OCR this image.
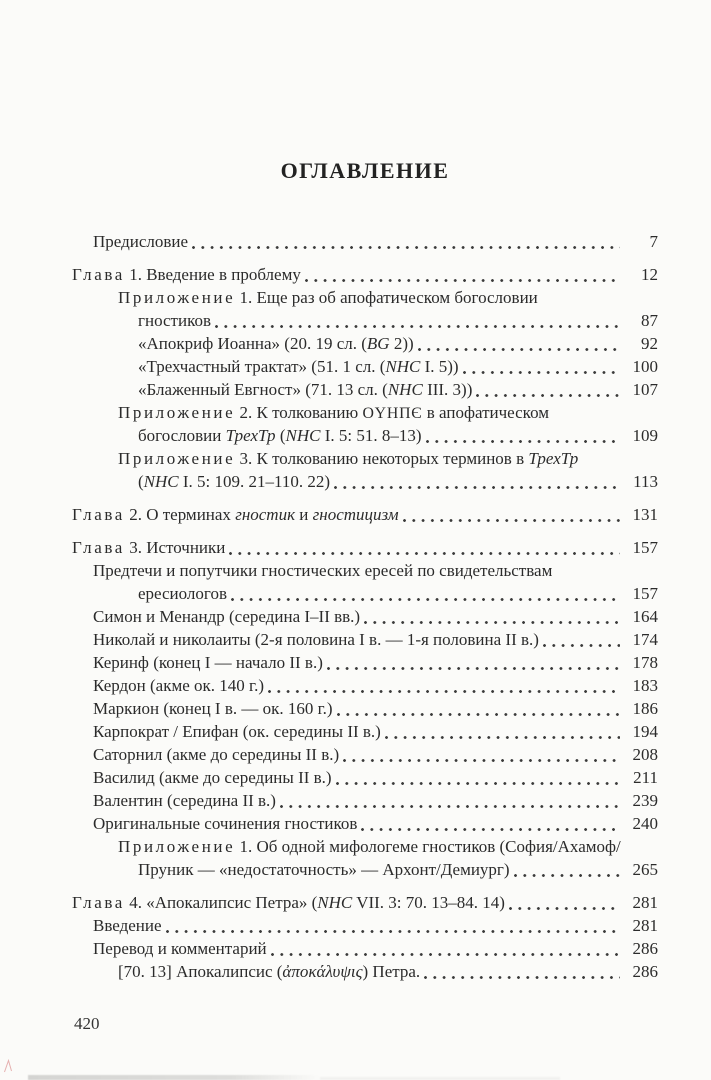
ОГЛАВЛЕНИЕ
Предисловие	7
Глава 1. Введение в проблему	12
Приложение 1. Еще раз об апофатическом богословии
гностиков	87
«Апокриф Иоанна» (20. 19 сл. (BG 2))	92
«Трехчастный трактат» (51. 1 сл. (NHC I. 5))	100
«Блаженный Евгност» (71. 13 сл. (NHC III. 3))	107
Приложение 2. К толкованию ОҮНПЄ в апофатическом
богословии ТрехТр (NHC I. 5: 51. 8–13)	109
Приложение 3. К толкованию некоторых терминов в ТрехТр
(NHC I. 5: 109. 21–110. 22)	113
Глава 2. О терминах гностик и гностицизм	131
Глава 3. Источники	157
Предтечи и попутчики гностических ересей по свидетельствам
ересиологов	157
Симон и Менандр (середина I–II вв.)	164
Николай и николаиты (2-я половина I в. — 1-я половина II в.)	174
Керинф (конец I — начало II в.)	178
Кердон (акме ок. 140 г.)	183
Маркион (конец I в. — ок. 160 г.)	186
Карпократ / Епифан (ок. середины II в.)	194
Саторнил (акме до середины II в.)	208
Василид (акме до середины II в.)	211
Валентин (середина II в.)	239
Оригинальные сочинения гностиков	240
Приложение 1. Об одной мифологеме гностиков (София/Ахамоф/
Пруник — «недостаточность» — Архонт/Демиург)	265
Глава 4. «Апокалипсис Петра» (NHC VII. 3: 70. 13–84. 14)	281
Введение	281
Перевод и комментарий	286
[70. 13] Апокалипсис (ἀποκάλυψις) Петра.	286
420
